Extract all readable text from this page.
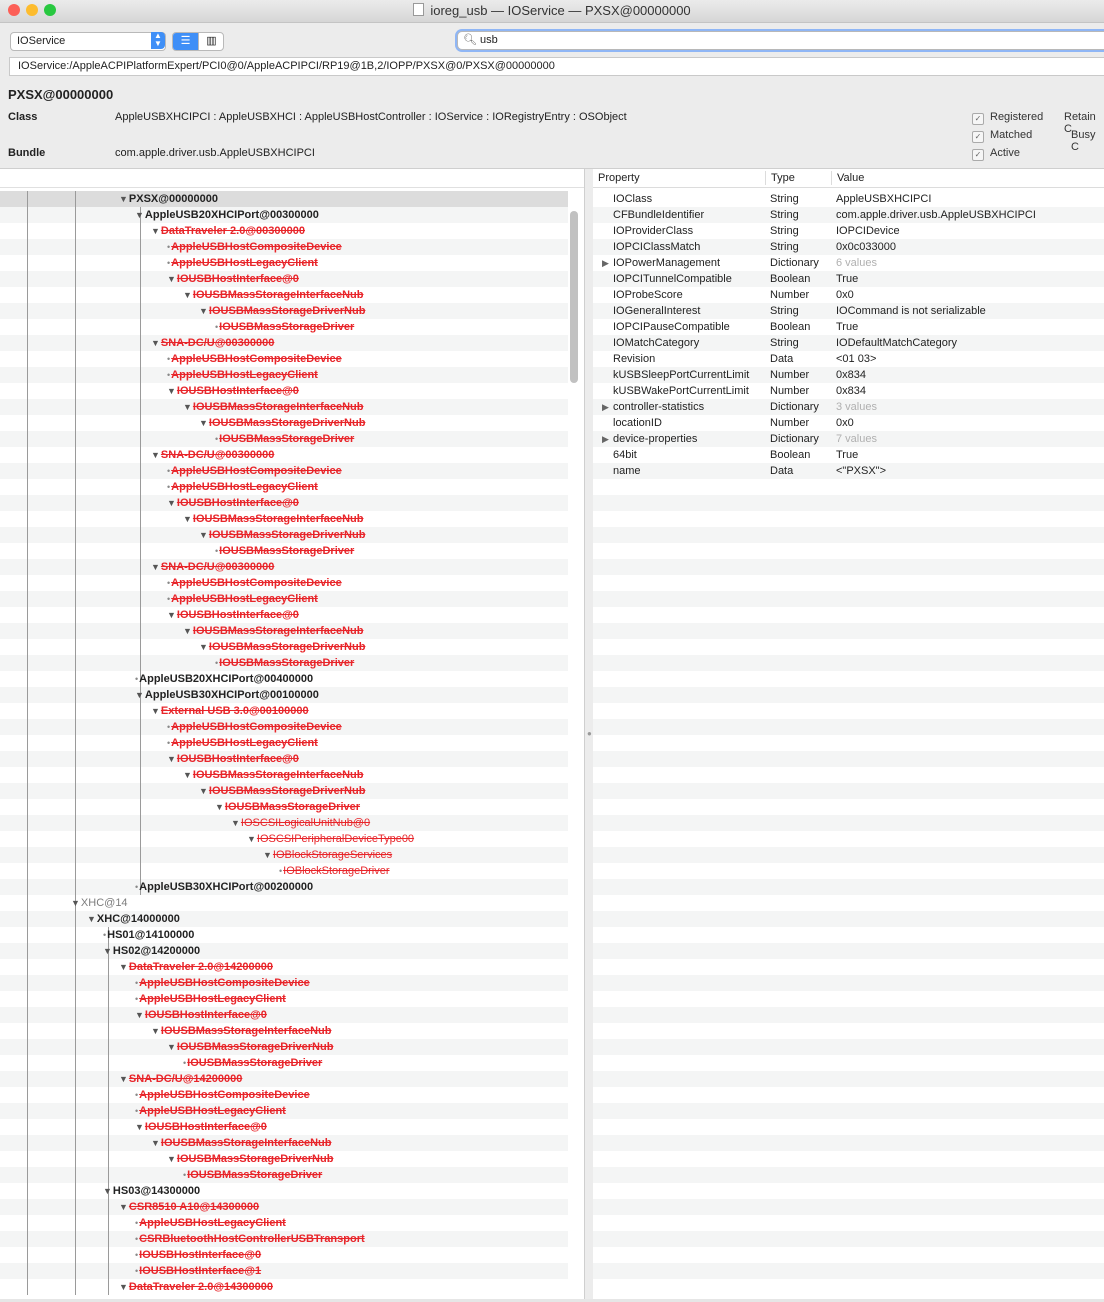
ioreg_usb — IOService — PXSX@00000000
IOService	▲
▼	☰	▥	🔍︎ usb
IOService:/AppleACPIPlatformExpert/PCI0@0/AppleACPIPCI/RP19@1B,2/IOPP/PXSX@0/PXSX@00000000
PXSX@00000000
Class	AppleUSBXHCIPCI : AppleUSBXHCI : AppleUSBHostController : IOService : IORegistryEntry : OSObject
Bundle	com.apple.driver.usb.AppleUSBXHCIPCI
✓ Registered
✓ Matched
✓ Active
Retain C Busy C
▼PXSX@00000000
▼AppleUSB20XHCIPort@00300000
▼DataTraveler 2.0@00300000
•AppleUSBHostCompositeDevice
•AppleUSBHostLegacyClient
▼IOUSBHostInterface@0
▼IOUSBMassStorageInterfaceNub
▼IOUSBMassStorageDriverNub
•IOUSBMassStorageDriver
▼SNA-DC/U@00300000
•AppleUSBHostCompositeDevice
•AppleUSBHostLegacyClient
▼IOUSBHostInterface@0
▼IOUSBMassStorageInterfaceNub
▼IOUSBMassStorageDriverNub
•IOUSBMassStorageDriver
▼SNA-DC/U@00300000
•AppleUSBHostCompositeDevice
•AppleUSBHostLegacyClient
▼IOUSBHostInterface@0
▼IOUSBMassStorageInterfaceNub
▼IOUSBMassStorageDriverNub
•IOUSBMassStorageDriver
▼SNA-DC/U@00300000
•AppleUSBHostCompositeDevice
•AppleUSBHostLegacyClient
▼IOUSBHostInterface@0
▼IOUSBMassStorageInterfaceNub
▼IOUSBMassStorageDriverNub
•IOUSBMassStorageDriver
•AppleUSB20XHCIPort@00400000
▼AppleUSB30XHCIPort@00100000
▼External USB 3.0@00100000
•AppleUSBHostCompositeDevice
•AppleUSBHostLegacyClient
▼IOUSBHostInterface@0
▼IOUSBMassStorageInterfaceNub
▼IOUSBMassStorageDriverNub
▼IOUSBMassStorageDriver
▼IOSCSILogicalUnitNub@0
▼IOSCSIPeripheralDeviceType00
▼IOBlockStorageServices
•IOBlockStorageDriver
•AppleUSB30XHCIPort@00200000
▼XHC@14
▼XHC@14000000
•HS01@14100000
▼HS02@14200000
▼DataTraveler 2.0@14200000
•AppleUSBHostCompositeDevice
•AppleUSBHostLegacyClient
▼IOUSBHostInterface@0
▼IOUSBMassStorageInterfaceNub
▼IOUSBMassStorageDriverNub
•IOUSBMassStorageDriver
▼SNA-DC/U@14200000
•AppleUSBHostCompositeDevice
•AppleUSBHostLegacyClient
▼IOUSBHostInterface@0
▼IOUSBMassStorageInterfaceNub
▼IOUSBMassStorageDriverNub
•IOUSBMassStorageDriver
▼HS03@14300000
▼CSR8510 A10@14300000
•AppleUSBHostLegacyClient
•CSRBluetoothHostControllerUSBTransport
•IOUSBHostInterface@0
•IOUSBHostInterface@1
▼DataTraveler 2.0@14300000
●
Property	Type	Value
IOClass	String	AppleUSBXHCIPCI
CFBundleIdentifier	String	com.apple.driver.usb.AppleUSBXHCIPCI
IOProviderClass	String	IOPCIDevice
IOPCIClassMatch	String	0x0c033000
▶ IOPowerManagement	Dictionary 6 values
IOPCITunnelCompatible	Boolean True
IOProbeScore	Number 0x0
IOGeneralInterest	String	IOCommand is not serializable
IOPCIPauseCompatible	Boolean True
IOMatchCategory	String	IODefaultMatchCategory
Revision	Data	<01 03>
kUSBSleepPortCurrentLimit Number 0x834
kUSBWakePortCurrentLimit Number 0x834
▶ controller-statistics	Dictionary 3 values
locationID	Number 0x0
▶ device-properties	Dictionary 7 values
64bit	Boolean True
name	Data	<"PXSX">
